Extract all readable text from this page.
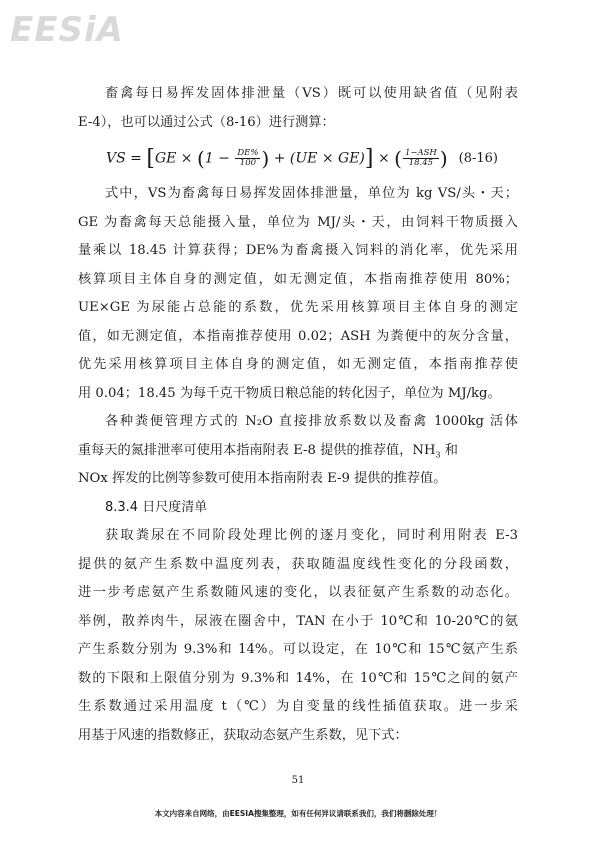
EESiA
畜禽每日易挥发固体排泄量（VS）既可以使用缺省值（见附表
E-4），也可以通过公式（8-16）进行测算：
VS = [$GE \times (1 - \frac{DE\%}{100}$ ) + (UE × GE)] × ( $\frac{\text{1−ASH}}{18.45}$ ) (8-16)
式中，VS为畜禽每日易挥发固体排泄量，单位为 kg VS/头・天；
GE 为畜禽每天总能摄入量，单位为 MJ/头・天，由饲料干物质摄入
量乘以 18.45 计算获得；DE%为畜禽摄入饲料的消化率，优先采用
核算项目主体自身的测定值，如无测定值，本指南推荐使用 80%；
UE×GE 为尿能占总能的系数，优先采用核算项目主体自身的测定
值，如无测定值，本指南推荐使用 0.02；ASH 为粪便中的灰分含量，
优先采用核算项目主体自身的测定值，如无测定值，本指南推荐使
用 0.04；18.45 为每千克干物质日粮总能的转化因子，单位为 MJ/kg。
各种粪便管理方式的 N₂O 直接排放系数以及畜禽 1000kg 活体
重每天的氮排泄率可使用本指南附表 E-8 提供的推荐值，$NH_3$ 和
NOx 挥发的比例等参数可使用本指南附表 E-9 提供的推荐值。
8.3.4 日尺度清单
获取粪尿在不同阶段处理比例的逐月变化，同时利用附表 E-3
提供的氨产生系数中温度列表，获取随温度线性变化的分段函数，
进一步考虑氨产生系数随风速的变化，以表征氨产生系数的动态化。
举例，散养肉牛，尿液在圈舍中，TAN 在小于 10℃和 10-20℃的氨
产生系数分别为 9.3%和 14%。可以设定，在 10℃和 15℃氨产生系
数的下限和上限值分别为 9.3%和 14%，在 10℃和 15℃之间的氨产
生系数通过采用温度 t（℃）为自变量的线性插值获取。进一步采
用基于风速的指数修正，获取动态氨产生系数，见下式：
51
本文内容来自网络，由EESIA搜集整理，如有任何异议请联系我们，我们将删除处理！
